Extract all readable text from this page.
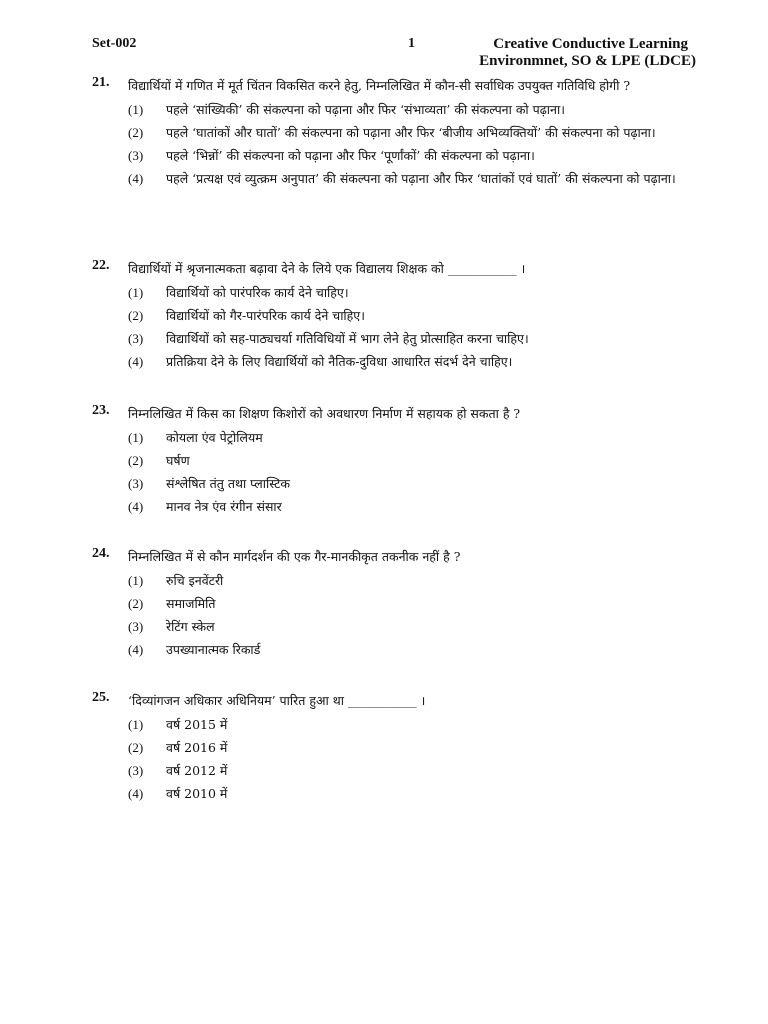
Set-002	1	Creative Conductive Learning
Environmnet, SO & LPE (LDCE)
21. विद्यार्थियों में गणित में मूर्त चिंतन विकसित करने हेतु, निम्नलिखित में कौन-सी सर्वाधिक उपयुक्त गतिविधि होगी ?
(1) पहले ‘सांख्यिकी’ की संकल्पना को पढ़ाना और फिर ‘संभाव्यता’ की संकल्पना को पढ़ाना।
(2) पहले ‘घातांकों और घातों’ की संकल्पना को पढ़ाना और फिर ‘बीजीय अभिव्यक्तियों’ की संकल्पना को पढ़ाना।
(3) पहले ‘भिन्नों’ की संकल्पना को पढ़ाना और फिर ‘पूर्णांकों’ की संकल्पना को पढ़ाना।
(4) पहले ‘प्रत्यक्ष एवं व्युत्क्रम अनुपात’ की संकल्पना को पढ़ाना और फिर ‘घातांकों एवं घातों’ की संकल्पना को पढ़ाना।
22. विद्यार्थियों में श्रृजनात्मकता बढ़ावा देने के लिये एक विद्यालय शिक्षक को ___________ ।
(1) विद्यार्थियों को पारंपरिक कार्य देने चाहिए।
(2) विद्यार्थियों को गैर-पारंपरिक कार्य देने चाहिए।
(3) विद्यार्थियों को सह-पाठ्यचर्या गतिविधियों में भाग लेने हेतु प्रोत्साहित करना चाहिए।
(4) प्रतिक्रिया देने के लिए विद्यार्थियों को नैतिक-दुविधा आधारित संदर्भ देने चाहिए।
23. निम्नलिखित में किस का शिक्षण किशोरों को अवधारण निर्माण में सहायक हो सकता है ?
(1) कोयला एंव पेट्रोलियम
(2) घर्षण
(3) संश्लेषित तंतु तथा प्लास्टिक
(4) मानव नेत्र एंव रंगीन संसार
24. निम्नलिखित में से कौन मार्गदर्शन की एक गैर-मानकीकृत तकनीक नहीं है ?
(1) रुचि इनवेंटरी
(2) समाजमिति
(3) रेटिंग स्केल
(4) उपख्यानात्मक रिकार्ड
25. ‘दिव्यांगजन अधिकार अधिनियम’ पारित हुआ था ___________ ।
(1) वर्ष 2015 में
(2) वर्ष 2016 में
(3) वर्ष 2012 में
(4) वर्ष 2010 में
